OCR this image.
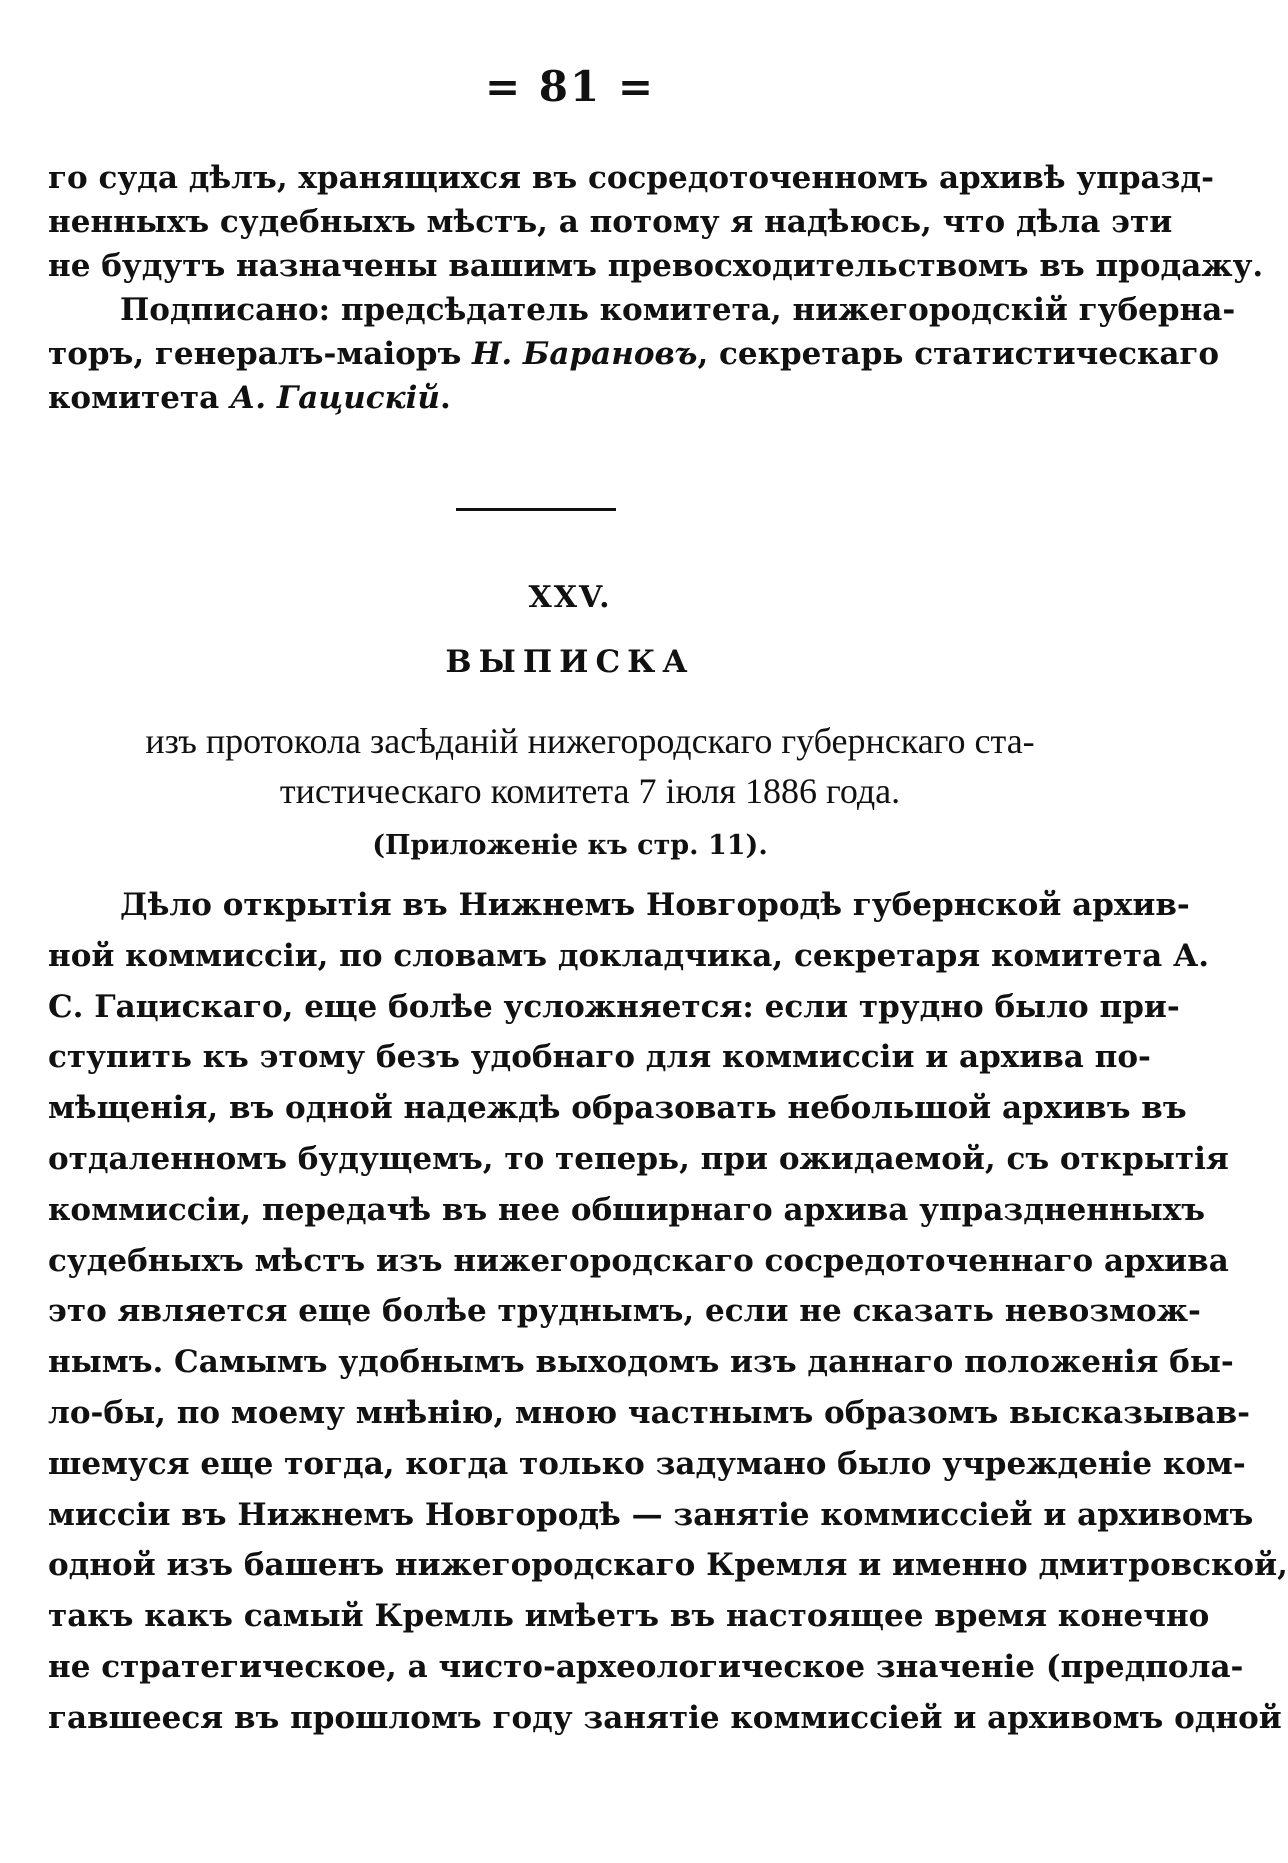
= 81 =
го суда дѣлъ, хранящихся въ сосредоточенномъ архивѣ упразд-
ненныхъ судебныхъ мѣстъ, а потому я надѣюсь, что дѣла эти
не будутъ назначены вашимъ превосходительствомъ въ продажу.
Подписано: предсѣдатель комитета, нижегородскій губерна-
торъ, генералъ-маіоръ Н. Барановъ, секретарь статистическаго
комитета А. Гацискій.
XXV.
ВЫПИСКА
изъ протокола засѣданій нижегородскаго губернскаго ста-
тистическаго комитета 7 іюля 1886 года.
(Приложеніе къ стр. 11).
Дѣло открытія въ Нижнемъ Новгородѣ губернской архив-
ной коммиссіи, по словамъ докладчика, секретаря комитета А.
С. Гацискаго, еще болѣе усложняется: если трудно было при-
ступить къ этому безъ удобнаго для коммиссіи и архива по-
мѣщенія, въ одной надеждѣ образовать небольшой архивъ въ
отдаленномъ будущемъ, то теперь, при ожидаемой, съ открытія
коммиссіи, передачѣ въ нее обширнаго архива упраздненныхъ
судебныхъ мѣстъ изъ нижегородскаго сосредоточеннаго архива
это является еще болѣе труднымъ, если не сказать невозмож-
нымъ. Самымъ удобнымъ выходомъ изъ даннаго положенія бы-
ло-бы, по моему мнѣнію, мною частнымъ образомъ высказывав-
шемуся еще тогда, когда только задумано было учрежденіе ком-
миссіи въ Нижнемъ Новгородѣ — занятіе коммиссіей и архивомъ
одной изъ башенъ нижегородскаго Кремля и именно дмитровской,
такъ какъ самый Кремль имѣетъ въ настоящее время конечно
не стратегическое, а чисто-археологическое значеніе (предпола-
гавшееся въ прошломъ году занятіе коммиссіей и архивомъ одной
